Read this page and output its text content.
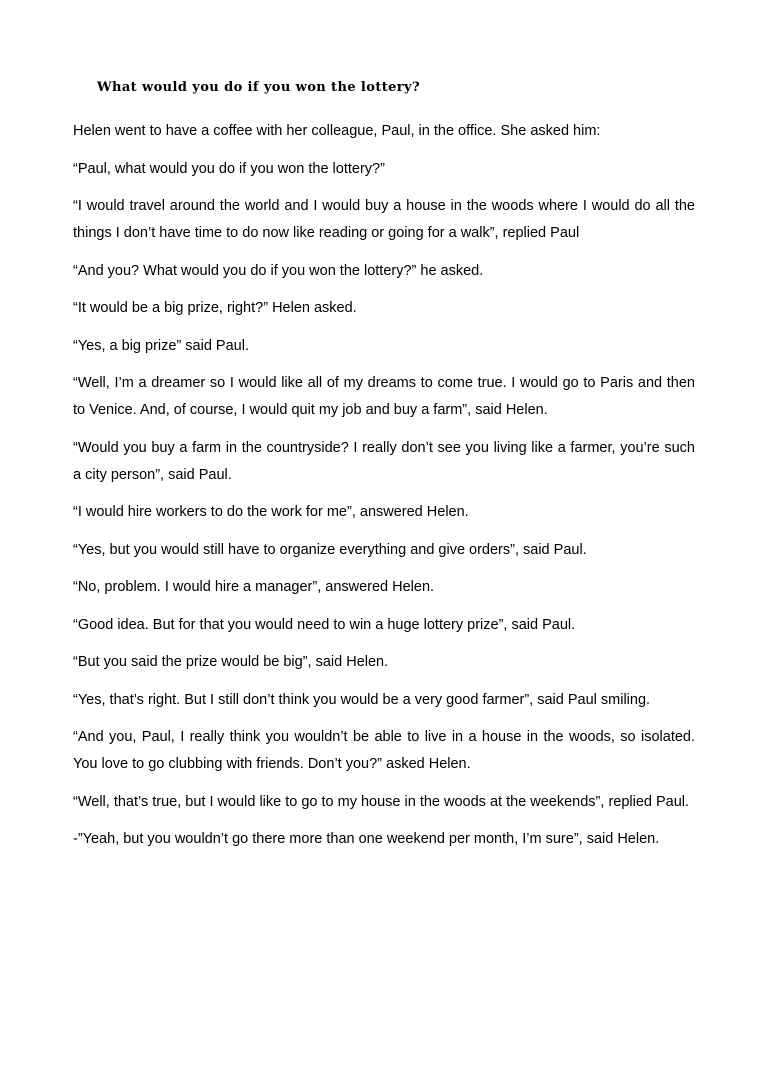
What would you do if you won the lottery?

Helen went to have a coffee with her colleague, Paul, in the office. She asked him:

“Paul, what would you do if you won the lottery?”

“I would travel around the world and I would buy a house in the woods where I would do all the things I don’t have time to do now like reading or going for a walk”, replied Paul

“And you? What would you do if you won the lottery?” he asked.

“It would be a big prize, right?” Helen asked.

“Yes, a big prize” said Paul.

“Well, I’m a dreamer so I would like all of my dreams to come true. I would go to Paris and then to Venice. And, of course, I would quit my job and buy a farm”, said Helen.

“Would you buy a farm in the countryside? I really don’t see you living like a farmer, you’re such a city person”, said Paul.

“I would hire workers to do the work for me”, answered Helen.

“Yes, but you would still have to organize everything and give orders”, said Paul.

“No, problem. I would hire a manager”, answered Helen.

“Good idea. But for that you would need to win a huge lottery prize”, said Paul.

“But you said the prize would be big”, said Helen.

“Yes, that’s right. But I still don’t think you would be a very good farmer”, said Paul smiling.

“And you, Paul, I really think you wouldn’t be able to live in a house in the woods, so isolated. You love to go clubbing with friends. Don’t you?” asked Helen.

“Well, that’s true, but I would like to go to my house in the woods at the weekends”, replied Paul.

-”Yeah, but you wouldn’t go there more than one weekend per month, I’m sure”, said Helen.
